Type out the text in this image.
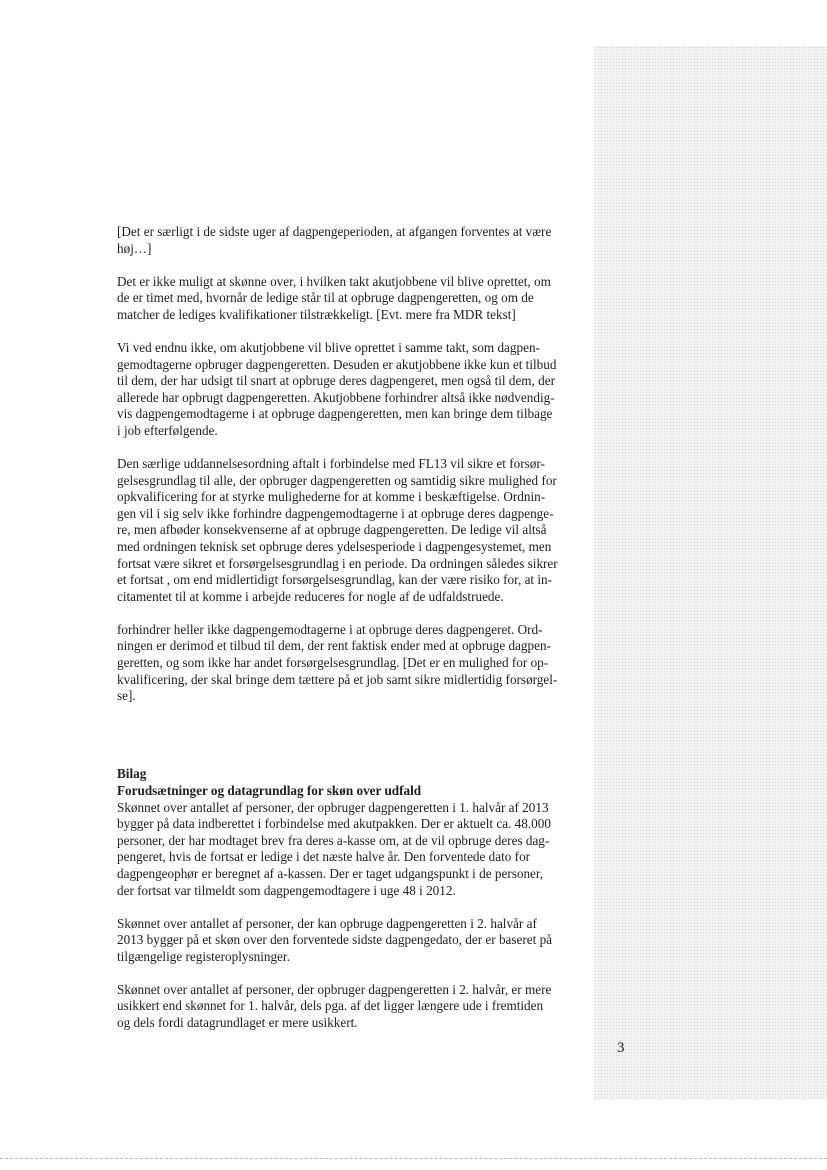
[Det er særligt i de sidste uger af dagpengeperioden, at afgangen forventes at være
høj…]
Det er ikke muligt at skønne over, i hvilken takt akutjobbene vil blive oprettet, om
de er timet med, hvornår de ledige står til at opbruge dagpengeretten, og om de
matcher de lediges kvalifikationer tilstrækkeligt. [Evt. mere fra MDR tekst]
Vi ved endnu ikke, om akutjobbene vil blive oprettet i samme takt, som dagpen-
gemodtagerne opbruger dagpengeretten. Desuden er akutjobbene ikke kun et tilbud
til dem, der har udsigt til snart at opbruge deres dagpengeret, men også til dem, der
allerede har opbrugt dagpengeretten. Akutjobbene forhindrer altså ikke nødvendig-
vis dagpengemodtagerne i at opbruge dagpengeretten, men kan bringe dem tilbage
i job efterfølgende.
Den særlige uddannelsesordning aftalt i forbindelse med FL13 vil sikre et forsør-
gelsesgrundlag til alle, der opbruger dagpengeretten og samtidig sikre mulighed for
opkvalificering for at styrke mulighederne for at komme i beskæftigelse. Ordnin-
gen vil i sig selv ikke forhindre dagpengemodtagerne i at opbruge deres dagpenge-
re, men afbøder konsekvenserne af at opbruge dagpengeretten. De ledige vil altså
med ordningen teknisk set opbruge deres ydelsesperiode i dagpengesystemet, men
fortsat være sikret et forsørgelsesgrundlag i en periode. Da ordningen således sikrer
et fortsat , om end midlertidigt forsørgelsesgrundlag, kan der være risiko for, at in-
citamentet til at komme i arbejde reduceres for nogle af de udfaldstruede.
forhindrer heller ikke dagpengemodtagerne i at opbruge deres dagpengeret. Ord-
ningen er derimod et tilbud til dem, der rent faktisk ender med at opbruge dagpen-
geretten, og som ikke har andet forsørgelsesgrundlag. [Det er en mulighed for op-
kvalificering, der skal bringe dem tættere på et job samt sikre midlertidig forsørgel-
se].
Bilag
Forudsætninger og datagrundlag for skøn over udfald
Skønnet over antallet af personer, der opbruger dagpengeretten i 1. halvår af 2013
bygger på data indberettet i forbindelse med akutpakken. Der er aktuelt ca. 48.000
personer, der har modtaget brev fra deres a-kasse om, at de vil opbruge deres dag-
pengeret, hvis de fortsat er ledige i det næste halve år. Den forventede dato for
dagpengeophør er beregnet af a-kassen. Der er taget udgangspunkt i de personer,
der fortsat var tilmeldt som dagpengemodtagere i uge 48 i 2012.
Skønnet over antallet af personer, der kan opbruge dagpengeretten i 2. halvår af
2013 bygger på et skøn over den forventede sidste dagpengedato, der er baseret på
tilgængelige registeroplysninger.
Skønnet over antallet af personer, der opbruger dagpengeretten i 2. halvår, er mere
usikkert end skønnet for 1. halvår, dels pga. af det ligger længere ude i fremtiden
og dels fordi datagrundlaget er mere usikkert.
3
